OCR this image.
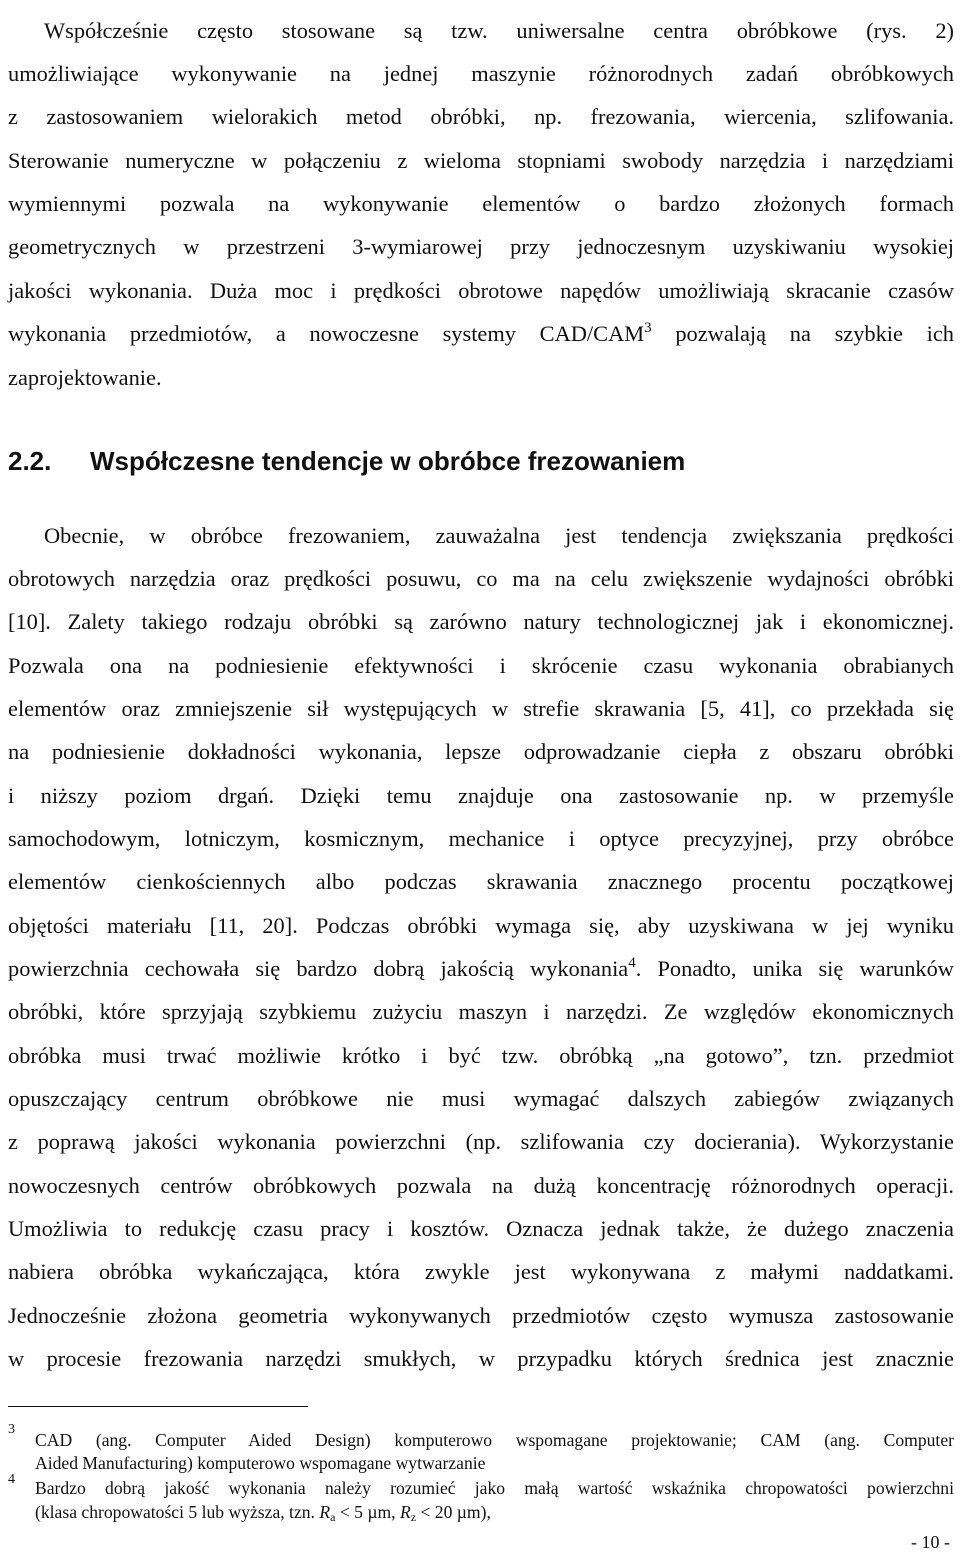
Współcześnie często stosowane są tzw. uniwersalne centra obróbkowe (rys. 2)
umożliwiające wykonywanie na jednej maszynie różnorodnych zadań obróbkowych
z zastosowaniem wielorakich metod obróbki, np. frezowania, wiercenia, szlifowania.
Sterowanie numeryczne w połączeniu z wieloma stopniami swobody narzędzia i narzędziami
wymiennymi pozwala na wykonywanie elementów o bardzo złożonych formach
geometrycznych w przestrzeni 3-wymiarowej przy jednoczesnym uzyskiwaniu wysokiej
jakości wykonania. Duża moc i prędkości obrotowe napędów umożliwiają skracanie czasów
wykonania przedmiotów, a nowoczesne systemy CAD/CAM$^3$ pozwalają na szybkie ich
zaprojektowanie.
2.2. Współczesne tendencje w obróbce frezowaniem
Obecnie, w obróbce frezowaniem, zauważalna jest tendencja zwiększania prędkości
obrotowych narzędzia oraz prędkości posuwu, co ma na celu zwiększenie wydajności obróbki
[10]. Zalety takiego rodzaju obróbki są zarówno natury technologicznej jak i ekonomicznej.
Pozwala ona na podniesienie efektywności i skrócenie czasu wykonania obrabianych
elementów oraz zmniejszenie sił występujących w strefie skrawania [5, 41], co przekłada się
na podniesienie dokładności wykonania, lepsze odprowadzanie ciepła z obszaru obróbki
i niższy poziom drgań. Dzięki temu znajduje ona zastosowanie np. w przemyśle
samochodowym, lotniczym, kosmicznym, mechanice i optyce precyzyjnej, przy obróbce
elementów cienkościennych albo podczas skrawania znacznego procentu początkowej
objętości materiału [11, 20]. Podczas obróbki wymaga się, aby uzyskiwana w jej wyniku
powierzchnia cechowała się bardzo dobrą jakością wykonania$^4$. Ponadto, unika się warunków
obróbki, które sprzyjają szybkiemu zużyciu maszyn i narzędzi. Ze względów ekonomicznych
obróbka musi trwać możliwie krótko i być tzw. obróbką „na gotowo”, tzn. przedmiot
opuszczający centrum obróbkowe nie musi wymagać dalszych zabiegów związanych
z poprawą jakości wykonania powierzchni (np. szlifowania czy docierania). Wykorzystanie
nowoczesnych centrów obróbkowych pozwala na dużą koncentrację różnorodnych operacji.
Umożliwia to redukcję czasu pracy i kosztów. Oznacza jednak także, że dużego znaczenia
nabiera obróbka wykańczająca, która zwykle jest wykonywana z małymi naddatkami.
Jednocześnie złożona geometria wykonywanych przedmiotów często wymusza zastosowanie
w procesie frezowania narzędzi smukłych, w przypadku których średnica jest znacznie
3
CAD (ang. Computer Aided Design) komputerowo wspomagane projektowanie; CAM (ang. Computer
Aided Manufacturing) komputerowo wspomagane wytwarzanie
4 Bardzo dobrą jakość wykonania należy rozumieć jako małą wartość wskaźnika chropowatości powierzchni
(klasa chropowatości 5 lub wyższa, tzn. $R_a < 5$ µm, $R_z < 20$ µm),
- 10 -
